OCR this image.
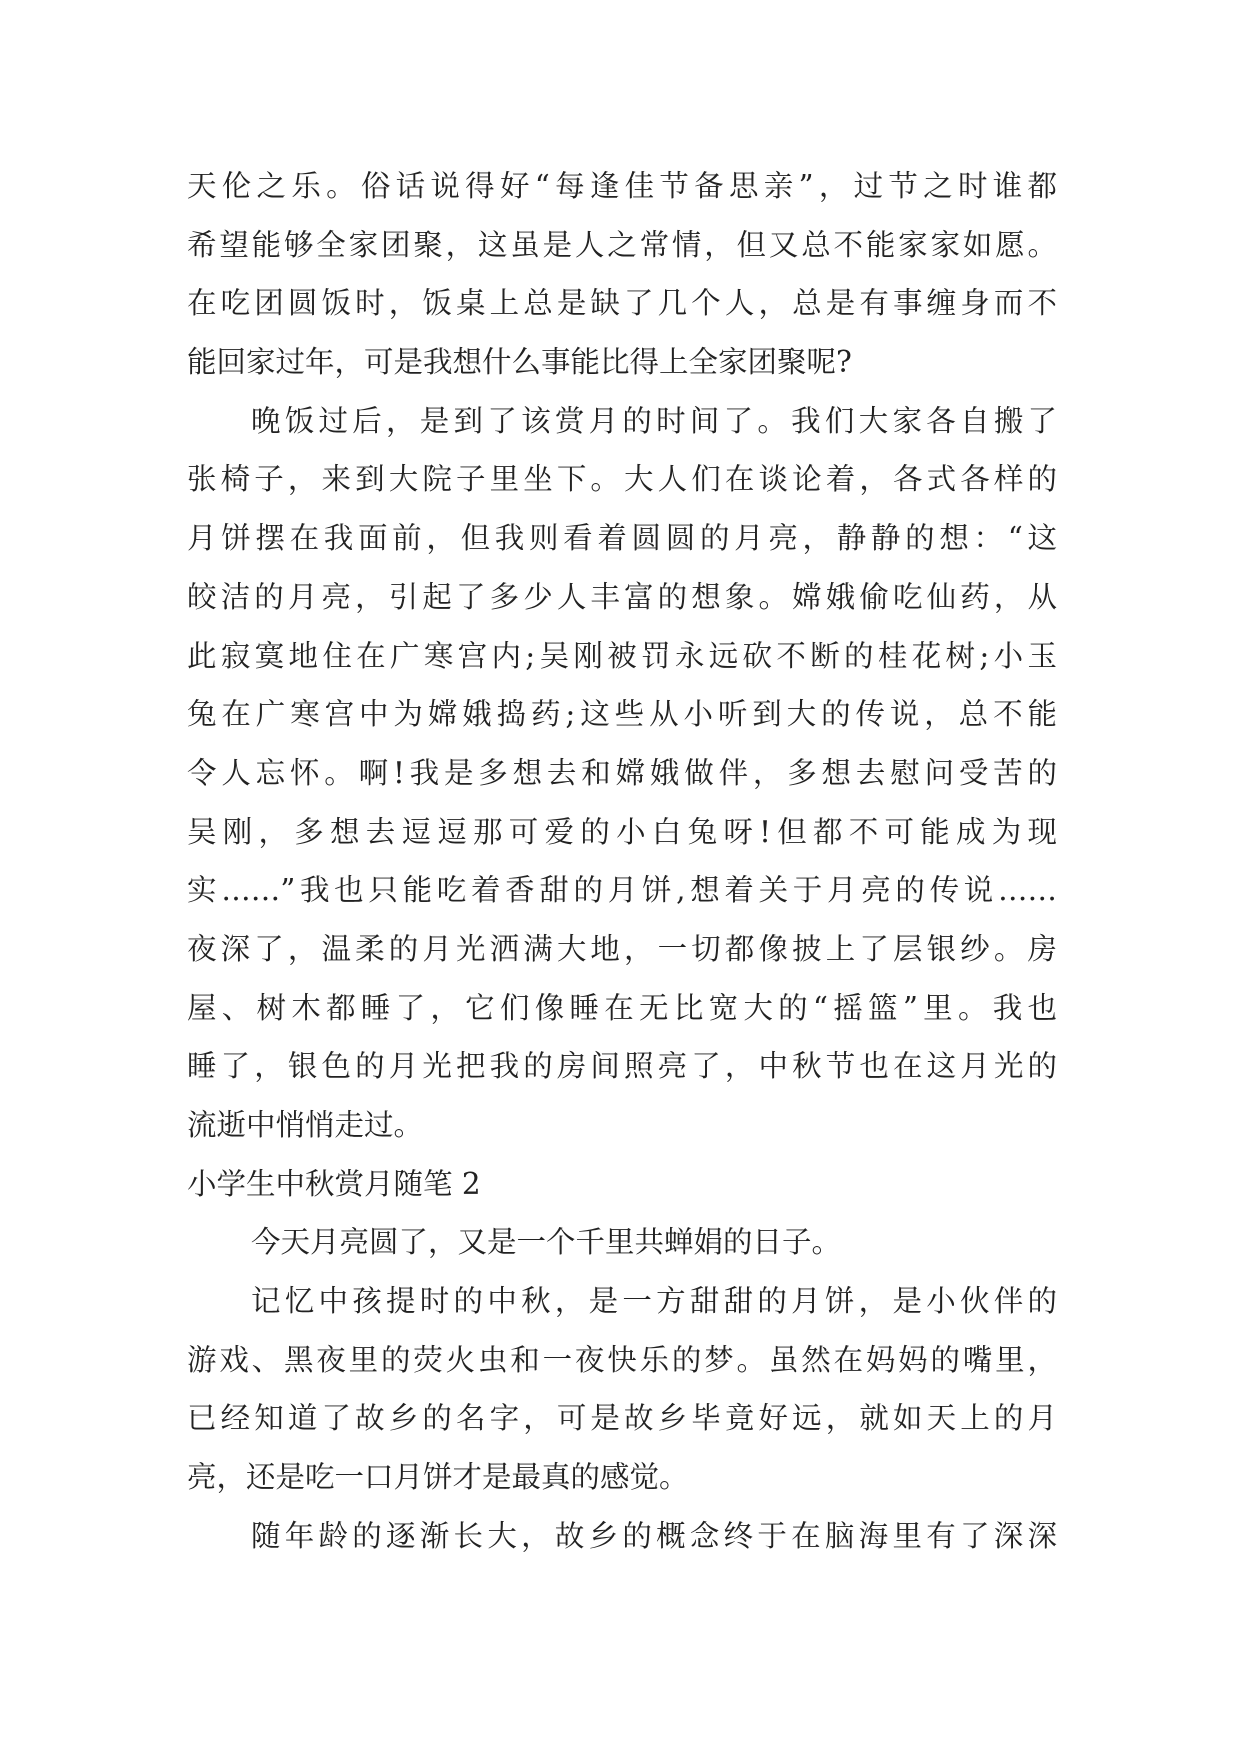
天伦之乐。俗话说得好“每逢佳节备思亲”，过节之时谁都
希望能够全家团聚，这虽是人之常情，但又总不能家家如愿。
在吃团圆饭时，饭桌上总是缺了几个人，总是有事缠身而不
能回家过年，可是我想什么事能比得上全家团聚呢?
晚饭过后，是到了该赏月的时间了。我们大家各自搬了
张椅子，来到大院子里坐下。大人们在谈论着，各式各样的
月饼摆在我面前，但我则看着圆圆的月亮，静静的想：“这
皎洁的月亮，引起了多少人丰富的想象。嫦娥偷吃仙药，从
此寂寞地住在广寒宫内;吴刚被罚永远砍不断的桂花树;小玉
兔在广寒宫中为嫦娥捣药;这些从小听到大的传说，总不能
令人忘怀。啊!我是多想去和嫦娥做伴，多想去慰问受苦的
吴刚，多想去逗逗那可爱的小白兔呀!但都不可能成为现
实……”我也只能吃着香甜的月饼,想着关于月亮的传说……
夜深了，温柔的月光洒满大地，一切都像披上了层银纱。房
屋、树木都睡了，它们像睡在无比宽大的“摇篮”里。我也
睡了，银色的月光把我的房间照亮了，中秋节也在这月光的
流逝中悄悄走过。
小学生中秋赏月随笔 2
今天月亮圆了，又是一个千里共蝉娟的日子。
记忆中孩提时的中秋，是一方甜甜的月饼，是小伙伴的
游戏、黑夜里的荧火虫和一夜快乐的梦。虽然在妈妈的嘴里，
已经知道了故乡的名字，可是故乡毕竟好远，就如天上的月
亮，还是吃一口月饼才是最真的感觉。
随年龄的逐渐长大，故乡的概念终于在脑海里有了深深
